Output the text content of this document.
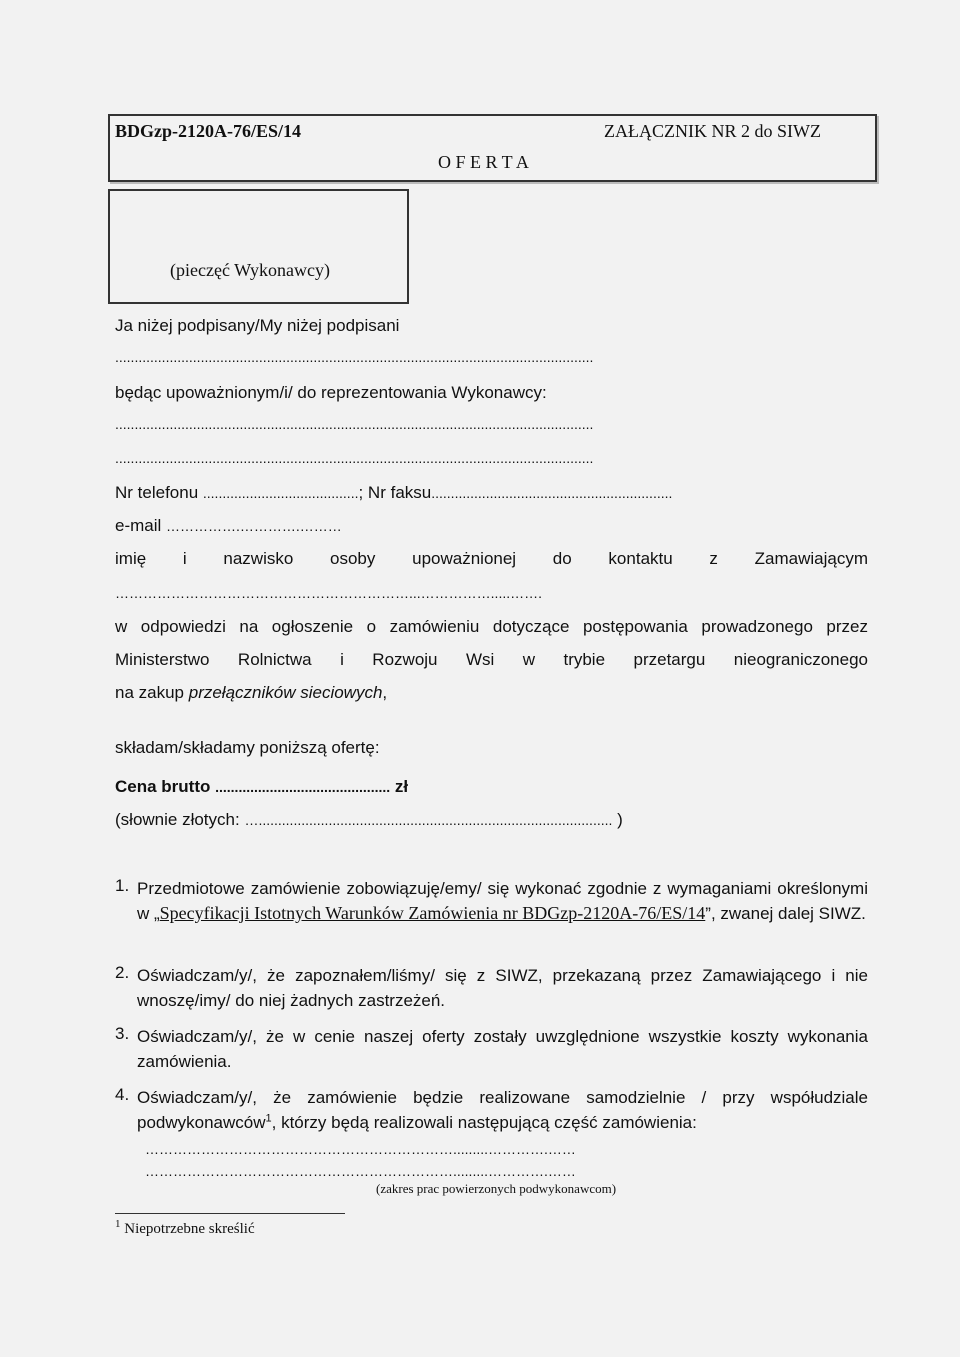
BDGzp-2120A-76/ES/14	ZAŁĄCZNIK NR 2 do SIWZ
O F E R T A
(pieczęć Wykonawcy)
Ja niżej podpisany/My niżej podpisani
...........................................................................................................................
będąc upoważnionym/i/ do reprezentowania Wykonawcy:
...........................................................................................................................
...........................................................................................................................
Nr telefonu ........................................; Nr faksu..............................................................
e-mail …………….………….………
imię i nazwisko osoby upoważnionej do kontaktu z Zamawiającym
………………………………………………………...…………….....…….
w odpowiedzi na ogłoszenie o zamówieniu dotyczące postępowania prowadzonego przez
Ministerstwo Rolnictwa i Rozwoju Wsi w trybie przetargu nieograniczonego
na zakup przełączników sieciowych,
składam/składamy poniższą ofertę:
Cena brutto ............................................. zł
(słownie złotych: …........................................................................................... )
1. Przedmiotowe zamówienie zobowiązuję/emy/ się wykonać zgodnie z wymaganiami określonymi w „Specyfikacji Istotnych Warunków Zamówienia nr BDGzp-2120A-76/ES/14”, zwanej dalej SIWZ.
2. Oświadczam/y/, że zapoznałem/liśmy/ się z SIWZ, przekazaną przez Zamawiającego i nie wnoszę/imy/ do niej żadnych zastrzeżeń.
3. Oświadczam/y/, że w cenie naszej oferty zostały uwzględnione wszystkie koszty wykonania zamówienia.
4. Oświadczam/y/, że zamówienie będzie realizowane samodzielnie / przy współudziale podwykonawców$^1$, którzy będą realizowali następującą część zamówienia:
………………………………………………………….........………….……
………………………………………………………….........………….……
(zakres prac powierzonych podwykonawcom)
$^1$ Niepotrzebne skreślić
